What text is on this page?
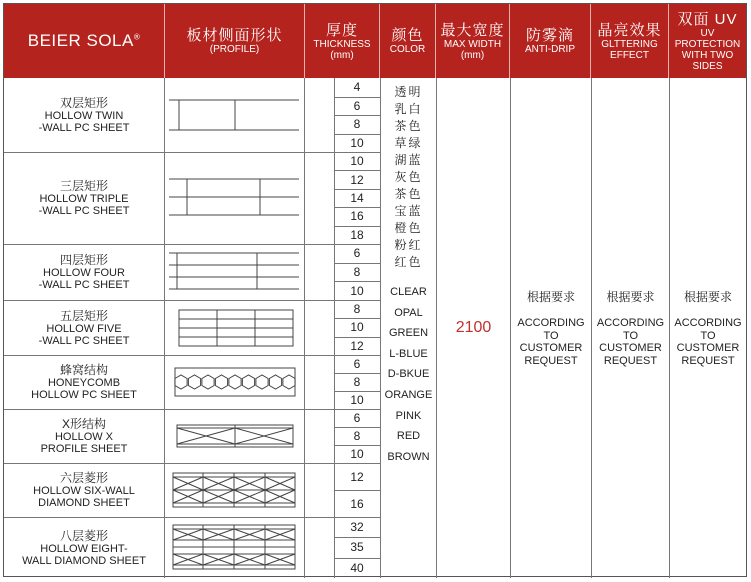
BEIER SOLA®	板材侧面形状
(PROFILE)
厚度
THICKNESS
(mm)
颜色
COLOR
最大宽度
MAX WIDTH
(mm)
防雾滴
ANTI-DRIP
晶亮效果
GLTTERING
EFFECT
双面 UV
UV
PROTECTION
WITH TWO
SIDES
双层矩形
HOLLOW TWIN
-WALL PC SHEET
三层矩形
HOLLOW TRIPLE
-WALL PC SHEET
四层矩形
HOLLOW FOUR
-WALL PC SHEET
五层矩形
HOLLOW FIVE
-WALL PC SHEET
蜂窝结构
HONEYCOMB
HOLLOW PC SHEET
X形结构
HOLLOW X
PROFILE SHEET
六层菱形
HOLLOW SIX-WALL
DIAMOND SHEET
八层菱形
HOLLOW EIGHT-
WALL DIAMOND SHEET
4
6
8
10
10
12
14
16
18
6
8
10
8
10
12
6
8
10
6
8
10
12
16
32
35
40
透明
乳白
茶色
草绿
湖蓝
灰色
茶色
宝蓝
橙色
粉红
红色
CLEAR
OPAL
GREEN
L-BLUE
D-BKUE
ORANGE
PINK
RED
BROWN
2100
根据要求
ACCORDING
TO
CUSTOMER
REQUEST
根据要求
ACCORDING
TO
CUSTOMER
REQUEST
根据要求
ACCORDING
TO
CUSTOMER
REQUEST
